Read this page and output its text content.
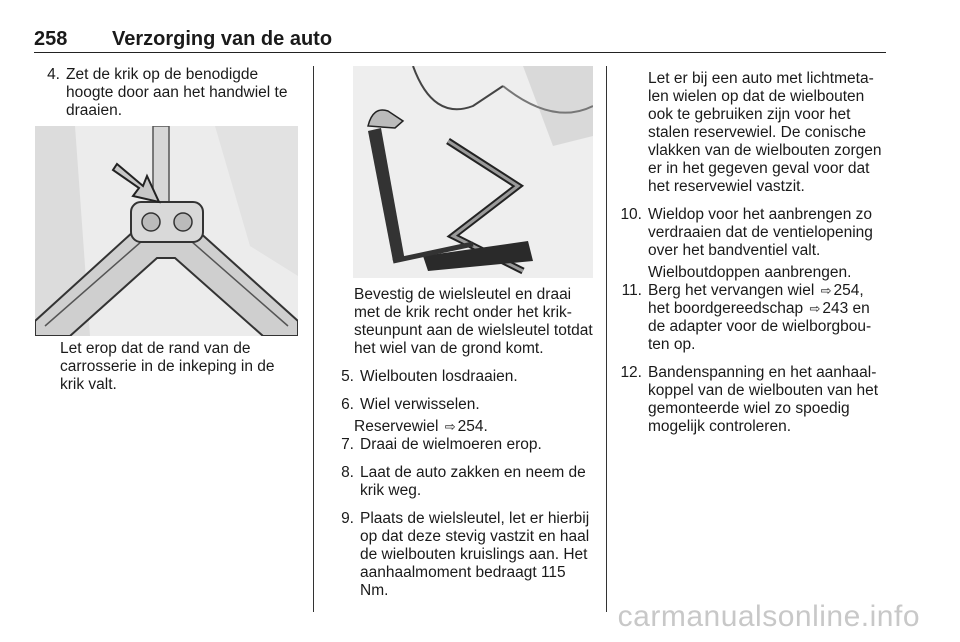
258 Verzorging van de auto
4. Zet de krik op de benodigde hoogte door aan het handwiel te draaien.

Let erop dat de rand van de carrosserie in de inkeping in de krik valt.

Bevestig de wielsleutel en draai met de krik recht onder het kriksteunpunt aan de wielsleutel totdat het wiel van de grond komt.

5. Wielbouten losdraaien.
6. Wiel verwisselen.

Reservewiel ⇨ 254.

7. Draai de wielmoeren erop.
8. Laat de auto zakken en neem de krik weg.
9. Plaats de wielsleutel, let er hierbij op dat deze stevig vastzit en haal de wielbouten kruislings aan. Het aanhaalmoment bedraagt 115 Nm.

Let er bij een auto met lichtmetalen wielen op dat de wielbouten ook te gebruiken zijn voor het stalen reservewiel. De conische vlakken van de wielbouten zorgen er in het gegeven geval voor dat het reservewiel vastzit.

10. Wieldop voor het aanbrengen zo verdraaien dat de ventielopening over het bandventiel valt.

Wielboutdoppen aanbrengen.

11. Berg het vervangen wiel ⇨ 254, het boordgereedschap ⇨ 243 en de adapter voor de wielborgbouten op.
12. Bandenspanning en het aanhaalkoppel van de wielbouten van het gemonteerde wiel zo spoedig mogelijk controleren.
carmanualsonline.info
